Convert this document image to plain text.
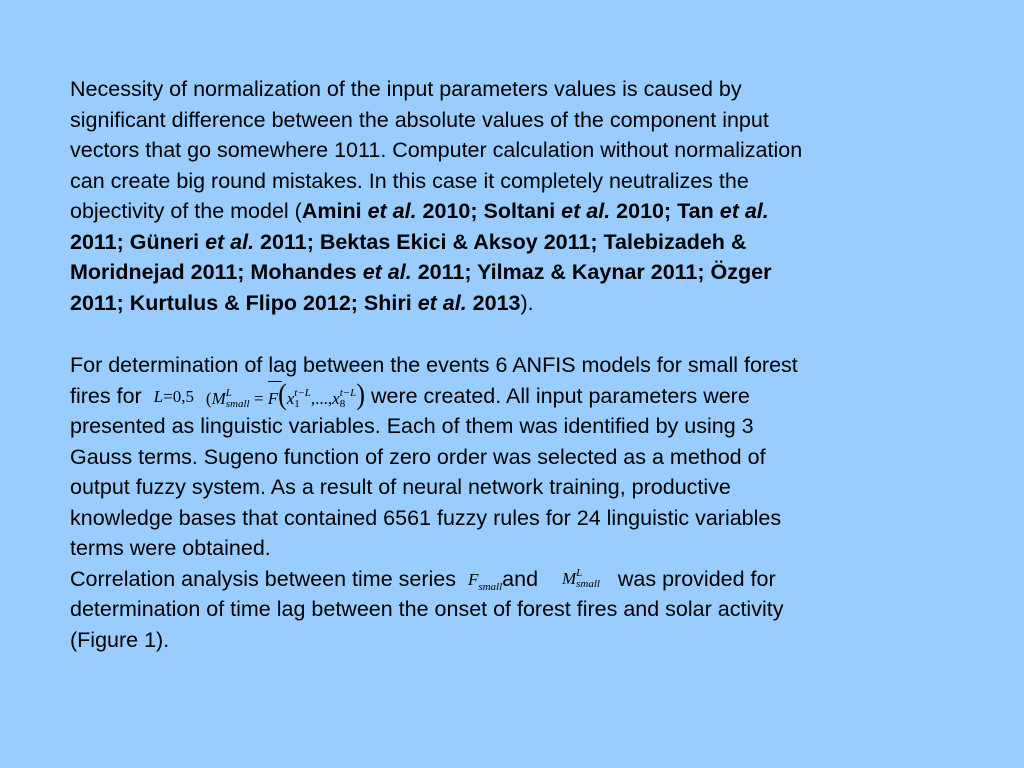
Necessity of normalization of the input parameters values is caused by
significant difference between the absolute values of the component input
vectors that go somewhere 1011. Computer calculation without normalization
can create big round mistakes. In this case it completely neutralizes the
objectivity of the model (Amini et al. 2010; Soltani et al. 2010; Tan et al.
2011; Güneri et al. 2011; Bektas Ekici & Aksoy 2011; Talebizadeh &
Moridnejad 2011; Mohandes et al. 2011; Yilmaz & Kaynar 2011; Özger
2011; Kurtulus & Flipo 2012; Shiri et al. 2013).

For determination of lag between the events 6 ANFIS models for small forest
fires for L=0,5 (M L
small = F(x t−L
1 ,...,x t−L
8 ) were created. All input parameters were
presented as linguistic variables. Each of them was identified by using 3
Gauss terms. Sugeno function of zero order was selected as a method of
output fuzzy system. As a result of neural network training, productive
knowledge bases that contained 6561 fuzzy rules for 24 linguistic variables
terms were obtained.
Correlation analysis between time series $F_{small}and$ M L
small was provided for
determination of time lag between the onset of forest fires and solar activity
(Figure 1).
